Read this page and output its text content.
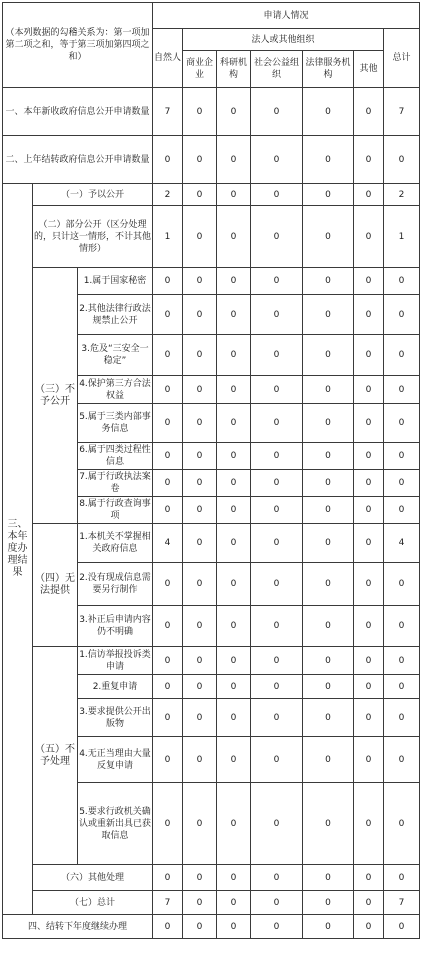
（本列数据的勾稽关系为：第一项加第二项之和，等于第三项加第四项之和）			申请人情况						
			自然人	法人或其他组织					总计
				商业企业	科研机构	社会公益组织	法律服务机构	其他	
一、本年新收政府信息公开申请数量			7	0	0	0	0	0	7
二、上年结转政府信息公开申请数量			0	0	0	0	0	0	0
三、本年度办理结果	（一）予以公开		2	0	0	0	0	0	2
	（二）部分公开（区分处理的，只计这一情形，不计其他情形）		1	0	0	0	0	0	1
	（三）不予公开	1.属于国家秘密	0	0	0	0	0	0	0
		2.其他法律行政法规禁止公开	0	0	0	0	0	0	0
		3.危及“三安全一稳定”	0	0	0	0	0	0	0
		4.保护第三方合法权益	0	0	0	0	0	0	0
		5.属于三类内部事务信息	0	0	0	0	0	0	0
		6.属于四类过程性信息	0	0	0	0	0	0	0
		7.属于行政执法案卷	0	0	0	0	0	0	0
		8.属于行政查询事项	0	0	0	0	0	0	0
	（四）无法提供	1.本机关不掌握相关政府信息	4	0	0	0	0	0	4
		2.没有现成信息需要另行制作	0	0	0	0	0	0	0
		3.补正后申请内容仍不明确	0	0	0	0	0	0	0
	（五）不予处理	1.信访举报投诉类申请	0	0	0	0	0	0	0
		2.重复申请	0	0	0	0	0	0	0
		3.要求提供公开出版物	0	0	0	0	0	0	0
		4.无正当理由大量反复申请	0	0	0	0	0	0	0
		5.要求行政机关确认或重新出具已获取信息	0	0	0	0	0	0	0
	（六）其他处理		0	0	0	0	0	0	0
	（七）总计		7	0	0	0	0	0	7
四、结转下年度继续办理			0	0	0	0	0	0	0
